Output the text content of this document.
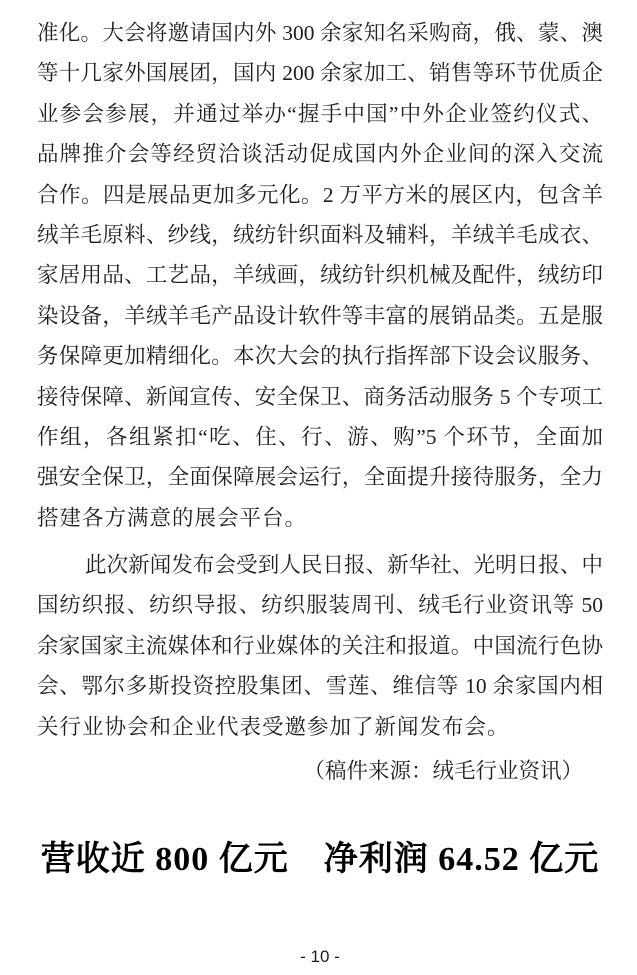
准化。大会将邀请国内外 300 余家知名采购商，俄、蒙、澳
等十几家外国展团，国内 200 余家加工、销售等环节优质企
业参会参展，并通过举办“握手中国”中外企业签约仪式、
品牌推介会等经贸洽谈活动促成国内外企业间的深入交流
合作。四是展品更加多元化。2 万平方米的展区内，包含羊
绒羊毛原料、纱线，绒纺针织面料及辅料，羊绒羊毛成衣、
家居用品、工艺品，羊绒画，绒纺针织机械及配件，绒纺印
染设备，羊绒羊毛产品设计软件等丰富的展销品类。五是服
务保障更加精细化。本次大会的执行指挥部下设会议服务、
接待保障、新闻宣传、安全保卫、商务活动服务 5 个专项工
作组，各组紧扣“吃、住、行、游、购”5 个环节，全面加
强安全保卫，全面保障展会运行，全面提升接待服务，全力
搭建各方满意的展会平台。
此次新闻发布会受到人民日报、新华社、光明日报、中
国纺织报、纺织导报、纺织服装周刊、绒毛行业资讯等 50
余家国家主流媒体和行业媒体的关注和报道。中国流行色协
会、鄂尔多斯投资控股集团、雪莲、维信等 10 余家国内相
关行业协会和企业代表受邀参加了新闻发布会。
（稿件来源：绒毛行业资讯）
营收近 800 亿元　净利润 64.52 亿元
- 10 -
